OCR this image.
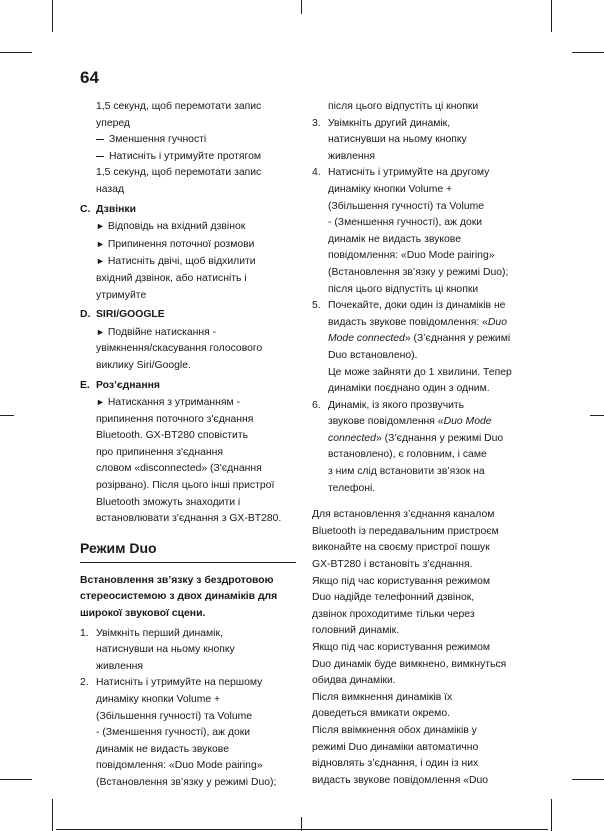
64
1,5 секунд, щоб перемотати запис
уперед
Зменшення гучності
Натисніть і утримуйте протягом
1,5 секунд, щоб перемотати запис
назад
C. Дзвінки
► Відповідь на вхідний дзвінок
► Припинення поточної розмови
► Натисніть двічі, щоб відхилити
вхідний дзвінок, або натисніть і
утримуйте
D. SIRI/GOOGLE
► Подвійне натискання -
увімкнення/скасування голосового
виклику Siri/Google.
E. Роз’єднання
► Натискання з утриманням -
припинення поточного з'єднання
Bluetooth. GX-BT280 сповістить
про припинення з'єднання
словом «disconnected» (З'єднання
розірвано). Після цього інші пристрої
Bluetooth зможуть знаходити і
встановлювати з'єднання з GX-BT280.
Режим Duo
Встановлення зв’язку з бездротовою
стереосистемою з двох динаміків для
широкої звукової сцени.
1. Увімкніть перший динамік,
натиснувши на ньому кнопку
живлення
2. Натисніть і утримуйте на першому
динаміку кнопки Volume +
(Збільшення гучності) та Volume
- (Зменшення гучності), аж доки
динамік не видасть звукове
повідомлення: «Duo Mode pairing»
(Встановлення зв’язку у режимі Duo);
після цього відпустіть ці кнопки
3. Увімкніть другий динамік,
натиснувши на ньому кнопку
живлення
4. Натисніть і утримуйте на другому
динаміку кнопки Volume +
(Збільшення гучності) та Volume
- (Зменшення гучності), аж доки
динамік не видасть звукове
повідомлення: «Duo Mode pairing»
(Встановлення зв’язку у режимі Duo);
після цього відпустіть ці кнопки
5. Почекайте, доки один із динаміків не
видасть звукове повідомлення: «Duo
Mode connected» (З’єднання у режимі
Duo встановлено).
Це може зайняти до 1 хвилини. Тепер
динаміки поєднано один з одним.
6. Динамік, із якого прозвучить
звукове повідомлення «Duo Mode
connected» (З’єднання у режимі Duo
встановлено), є головним, і саме
з ним слід встановити зв’язок на
телефоні.
Для встановлення з’єднання каналом
Bluetooth із передавальним пристроєм
виконайте на своєму пристрої пошук
GX-BT280 і встановіть з’єднання.
Якщо під час користування режимом
Duo надійде телефонний дзвінок,
дзвінок проходитиме тільки через
головний динамік.
Якщо під час користування режимом
Duo динамік буде вимкнено, вимкнуться
обидва динаміки.
Після вимкнення динаміків їх
доведеться вмикати окремо.
Після ввімкнення обох динаміків у
режимі Duo динаміки автоматично
відновлять з’єднання, і один із них
видасть звукове повідомлення «Duo
